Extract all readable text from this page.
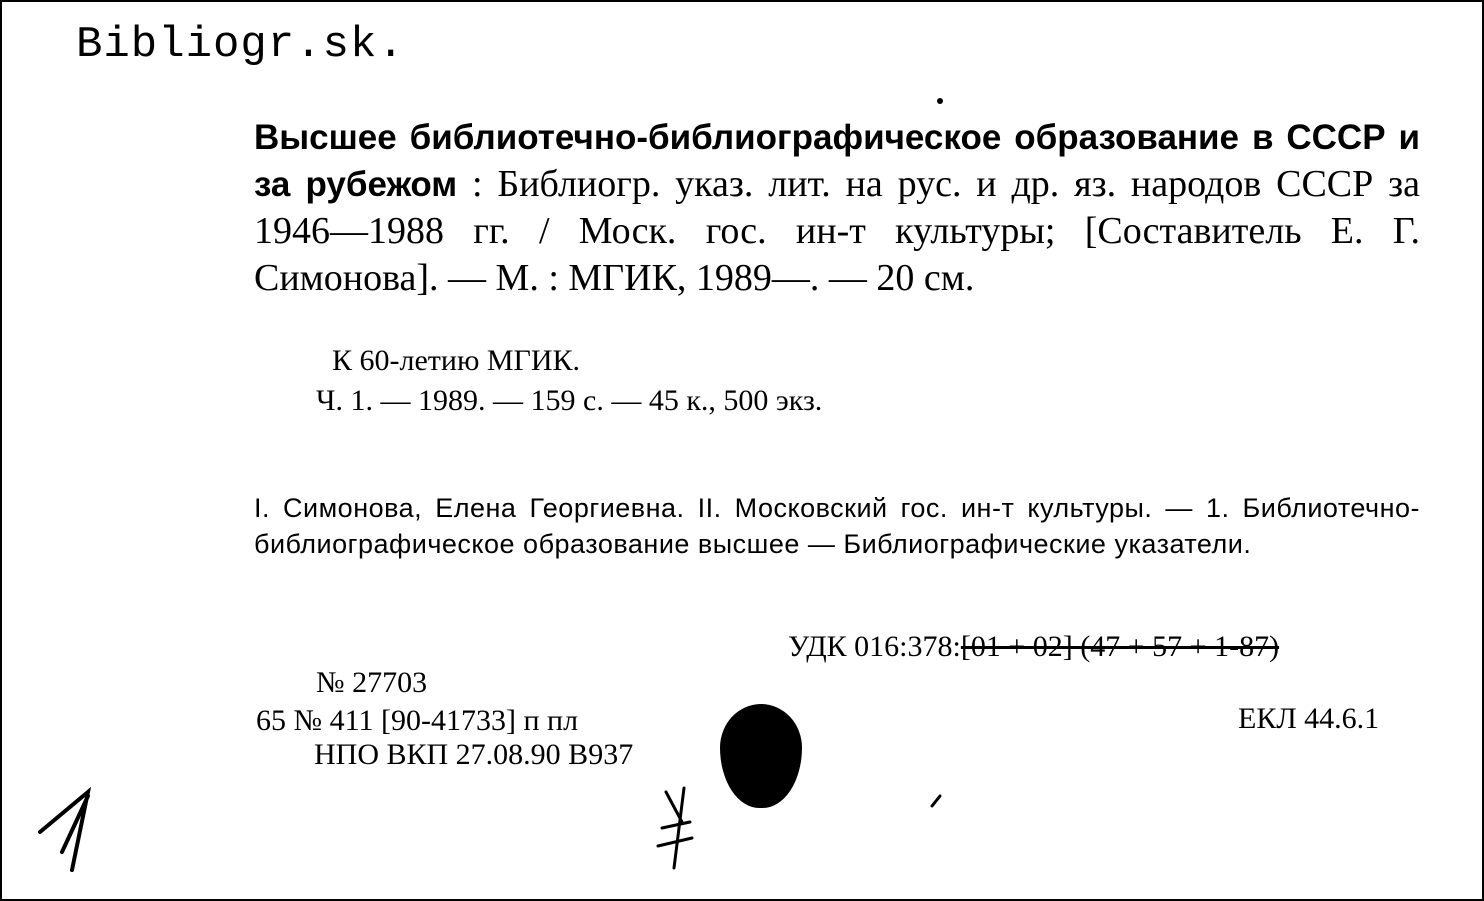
Bibliogr.sk.
Высшее библиотечно-библиографическое образование в СССР и за рубежом : Библиогр. указ. лит. на рус. и др. яз. народов СССР за 1946—1988 гг. / Моск. гос. ин-т культуры; [Составитель Е. Г. Симонова]. — М. : МГИК, 1989—. — 20 см.
К 60-летию МГИК.
Ч. 1. — 1989. — 159 с. — 45 к., 500 экз.
I. Симонова, Елена Георгиевна. II. Московский гос. ин-т культуры. — 1. Библиотечно-библиографическое образование высшее — Библиографические указатели.
УДК 016:378:[01 + 02] (47 + 57 + 1-87)
ЕКЛ 44.6.1
№ 27703
65 № 411 [90-41733] п пл
НПО ВКП 27.08.90 В937
